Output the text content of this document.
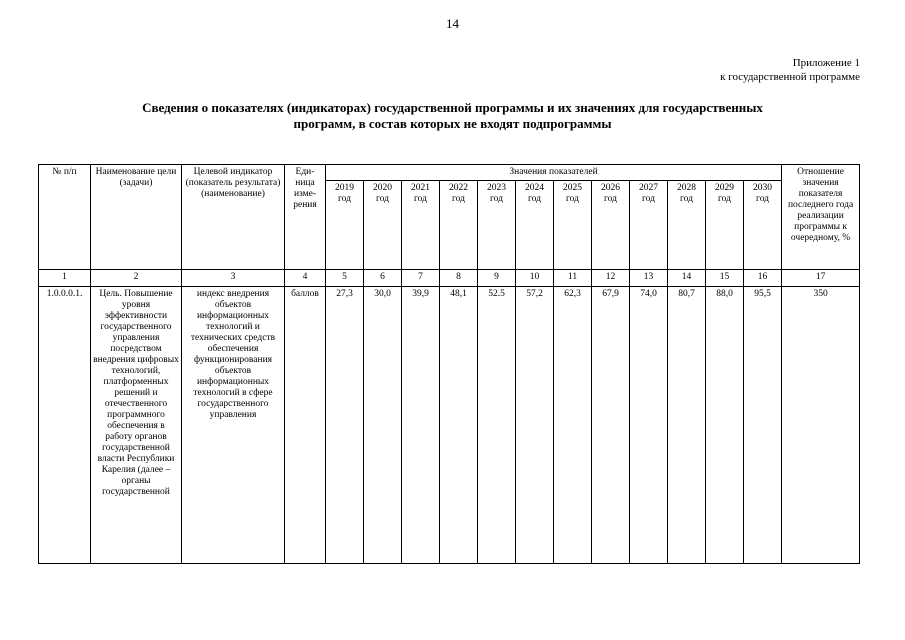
14
Приложение 1
к государственной программе
Сведения о показателях (индикаторах) государственной программы и их значениях для государственных
программ, в состав которых не входят подпрограммы
№ п/п	Наименование цели (задачи)	Целевой индикатор (показатель результата) (наименование)	Еди- ница изме- рения	Значения показателей												Отношение значения показателя последнего года реализации программы к очередному, %
				2019 год	2020 год	2021 год	2022 год	2023 год	2024 год	2025 год	2026 год	2027 год	2028 год	2029 год	2030 год	
1	2	3	4	5	6	7	8	9	10	11	12	13	14	15	16	17
1.0.0.0.1.	Цель. Повышение уровня эффективности государственного управления посредством внедрения цифровых технологий, платформенных решений и отечественного программного обеспечения в работу органов государственной власти Республики Карелия (далее – органы государственной	индекс внедрения объектов информационных технологий и технических средств обеспечения функционирования объектов информационных технологий в сфере государственного управления	баллов	27,3	30,0	39,9	48,1	52.5	57,2	62,3	67,9	74,0	80,7	88,0	95,5	350
